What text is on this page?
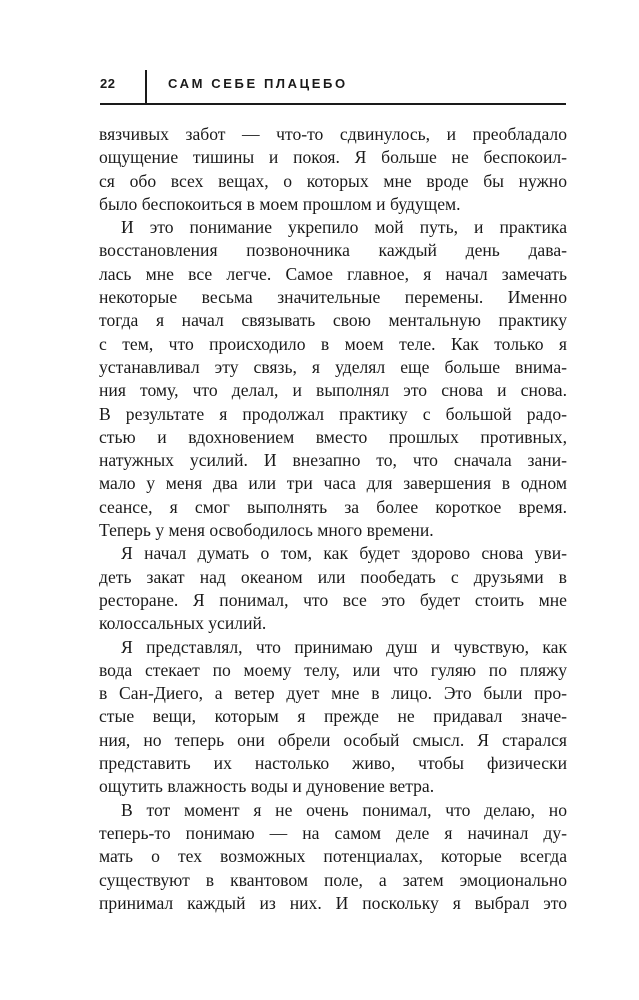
22	САМ СЕБЕ ПЛАЦЕБО
вязчивых забот — что-то сдвинулось, и преобладало
ощущение тишины и покоя. Я больше не беспокоил-
ся обо всех вещах, о которых мне вроде бы нужно
было беспокоиться в моем прошлом и будущем.
И это понимание укрепило мой путь, и практика
восстановления позвоночника каждый день дава-
лась мне все легче. Самое главное, я начал замечать
некоторые весьма значительные перемены. Именно
тогда я начал связывать свою ментальную практику
с тем, что происходило в моем теле. Как только я
устанавливал эту связь, я уделял еще больше внима-
ния тому, что делал, и выполнял это снова и снова.
В результате я продолжал практику с большой радо-
стью и вдохновением вместо прошлых противных,
натужных усилий. И внезапно то, что сначала зани-
мало у меня два или три часа для завершения в одном
сеансе, я смог выполнять за более короткое время.
Теперь у меня освободилось много времени.
Я начал думать о том, как будет здорово снова уви-
деть закат над океаном или пообедать с друзьями в
ресторане. Я понимал, что все это будет стоить мне
колоссальных усилий.
Я представлял, что принимаю душ и чувствую, как
вода стекает по моему телу, или что гуляю по пляжу
в Сан-Диего, а ветер дует мне в лицо. Это были про-
стые вещи, которым я прежде не придавал значе-
ния, но теперь они обрели особый смысл. Я старался
представить их настолько живо, чтобы физически
ощутить влажность воды и дуновение ветра.
В тот момент я не очень понимал, что делаю, но
теперь-то понимаю — на самом деле я начинал ду-
мать о тех возможных потенциалах, которые всегда
существуют в квантовом поле, а затем эмоционально
принимал каждый из них. И поскольку я выбрал это
